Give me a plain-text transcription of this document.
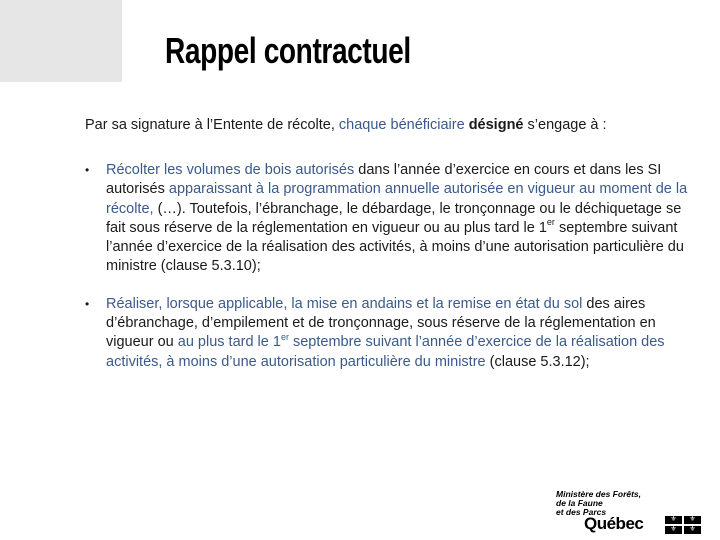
Rappel contractuel
Par sa signature à l’Entente de récolte, chaque bénéficiaire désigné s’engage à :
• Récolter les volumes de bois autorisés dans l’année d’exercice en cours et dans les SI autorisés apparaissant à la programmation annuelle autorisée en vigueur au moment de la récolte, (…). Toutefois, l’ébranchage, le débardage, le tronçonnage ou le déchiquetage se fait sous réserve de la réglementation en vigueur ou au plus tard le 1er septembre suivant l’année d’exercice de la réalisation des activités, à moins d’une autorisation particulière du ministre (clause 5.3.10);
• Réaliser, lorsque applicable, la mise en andains et la remise en état du sol des aires d’ébranchage, d’empilement et de tronçonnage, sous réserve de la réglementation en vigueur ou au plus tard le 1er septembre suivant l’année d’exercice de la réalisation des activités, à moins d’une autorisation particulière du ministre (clause 5.3.12);
Ministère des Forêts,
de la Faune
et des Parcs
Québec	⚜	⚜
⚜	⚜
